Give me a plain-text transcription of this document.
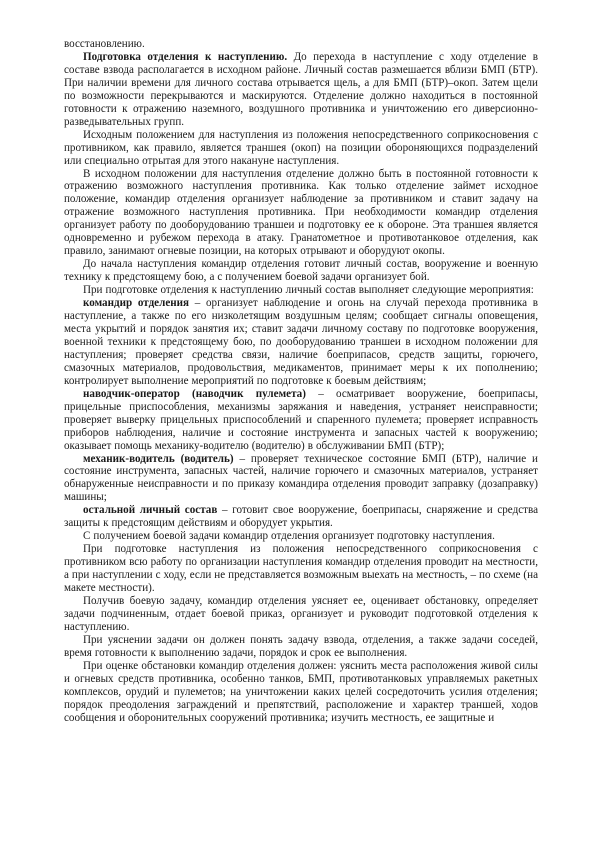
восстановлению.

Подготовка отделения к наступлению. До перехода в наступление с ходу отделение в составе взвода располагается в исходном районе. Личный состав размешается вблизи БМП (БТР). При наличии времени для личного состава отрывается щель, а для БМП (БТР)–окоп. Затем щели по возможности перекрываются и маскируются. Отделение должно находиться в постоянной готовности к отражению наземного, воздушного противника и уничтожению его диверсионно-разведывательных групп.

Исходным положением для наступления из положения непосредственного соприкосновения с противником, как правило, является траншея (окоп) на позиции обороняющихся подразделений или специально отрытая для этого накануне наступления.

В исходном положении для наступления отделение должно быть в постоянной готовности к отражению возможного наступления противника. Как только отделение займет исходное положение, командир отделения организует наблюдение за противником и ставит задачу на отражение возможного наступления противника. При необходимости командир отделения организует работу по дооборудованию траншеи и подготовку ее к обороне. Эта траншея является одновременно и рубежом перехода в атаку. Гранатометное и противотанковое отделения, как правило, занимают огневые позиции, на которых отрывают и оборудуют окопы.

До начала наступления командир отделения готовит личный состав, вооружение и военную технику к предстоящему бою, а с получением боевой задачи организует бой.

При подготовке отделения к наступлению личный состав выполняет следующие мероприятия:

командир отделения – организует наблюдение и огонь на случай перехода противника в наступление, а также по его низколетящим воздушным целям; сообщает сигналы оповещения, места укрытий и порядок занятия их; ставит задачи личному составу по подготовке вооружения, военной техники к предстоящему бою, по дооборудованию траншеи в исходном положении для наступления; проверяет средства связи, наличие боеприпасов, средств защиты, горючего, смазочных материалов, продовольствия, медикаментов, принимает меры к их пополнению; контролирует выполнение мероприятий по подготовке к боевым действиям;

наводчик-оператор (наводчик пулемета) – осматривает вооружение, боеприпасы, прицельные приспособления, механизмы заряжания и наведения, устраняет неисправности; проверяет выверку прицельных приспособлений и спаренного пулемета; проверяет исправность приборов наблюдения, наличие и состояние инструмента и запасных частей к вооружению; оказывает помощь механику-водителю (водителю) в обслуживании БМП (БТР);

механик-водитель (водитель) – проверяет техническое состояние БМП (БТР), наличие и состояние инструмента, запасных частей, наличие горючего и смазочных материалов, устраняет обнаруженные неисправности и по приказу командира отделения проводит заправку (дозаправку) машины;

остальной личный состав – готовит свое вооружение, боеприпасы, снаряжение и средства защиты к предстоящим действиям и оборудует укрытия.

С получением боевой задачи командир отделения организует подготовку наступления.

При подготовке наступления из положения непосредственного соприкосновения с противником всю работу по организации наступления командир отделения проводит на местности, а при наступлении с ходу, если не представляется возможным выехать на местность, – по схеме (на макете местности).

Получив боевую задачу, командир отделения уясняет ее, оценивает обстановку, определяет задачи подчиненным, отдает боевой приказ, организует и руководит подготовкой отделения к наступлению.

При уяснении задачи он должен понять задачу взвода, отделения, а также задачи соседей, время готовности к выполнению задачи, порядок и срок ее выполнения.

При оценке обстановки командир отделения должен: уяснить места расположения живой силы и огневых средств противника, особенно танков, БМП, противотанковых управляемых ракетных комплексов, орудий и пулеметов; на уничтожении каких целей сосредоточить усилия отделения; порядок преодоления заграждений и препятствий, расположение и характер траншей, ходов сообщения и оборонительных сооружений противника; изучить местность, ее защитные и
